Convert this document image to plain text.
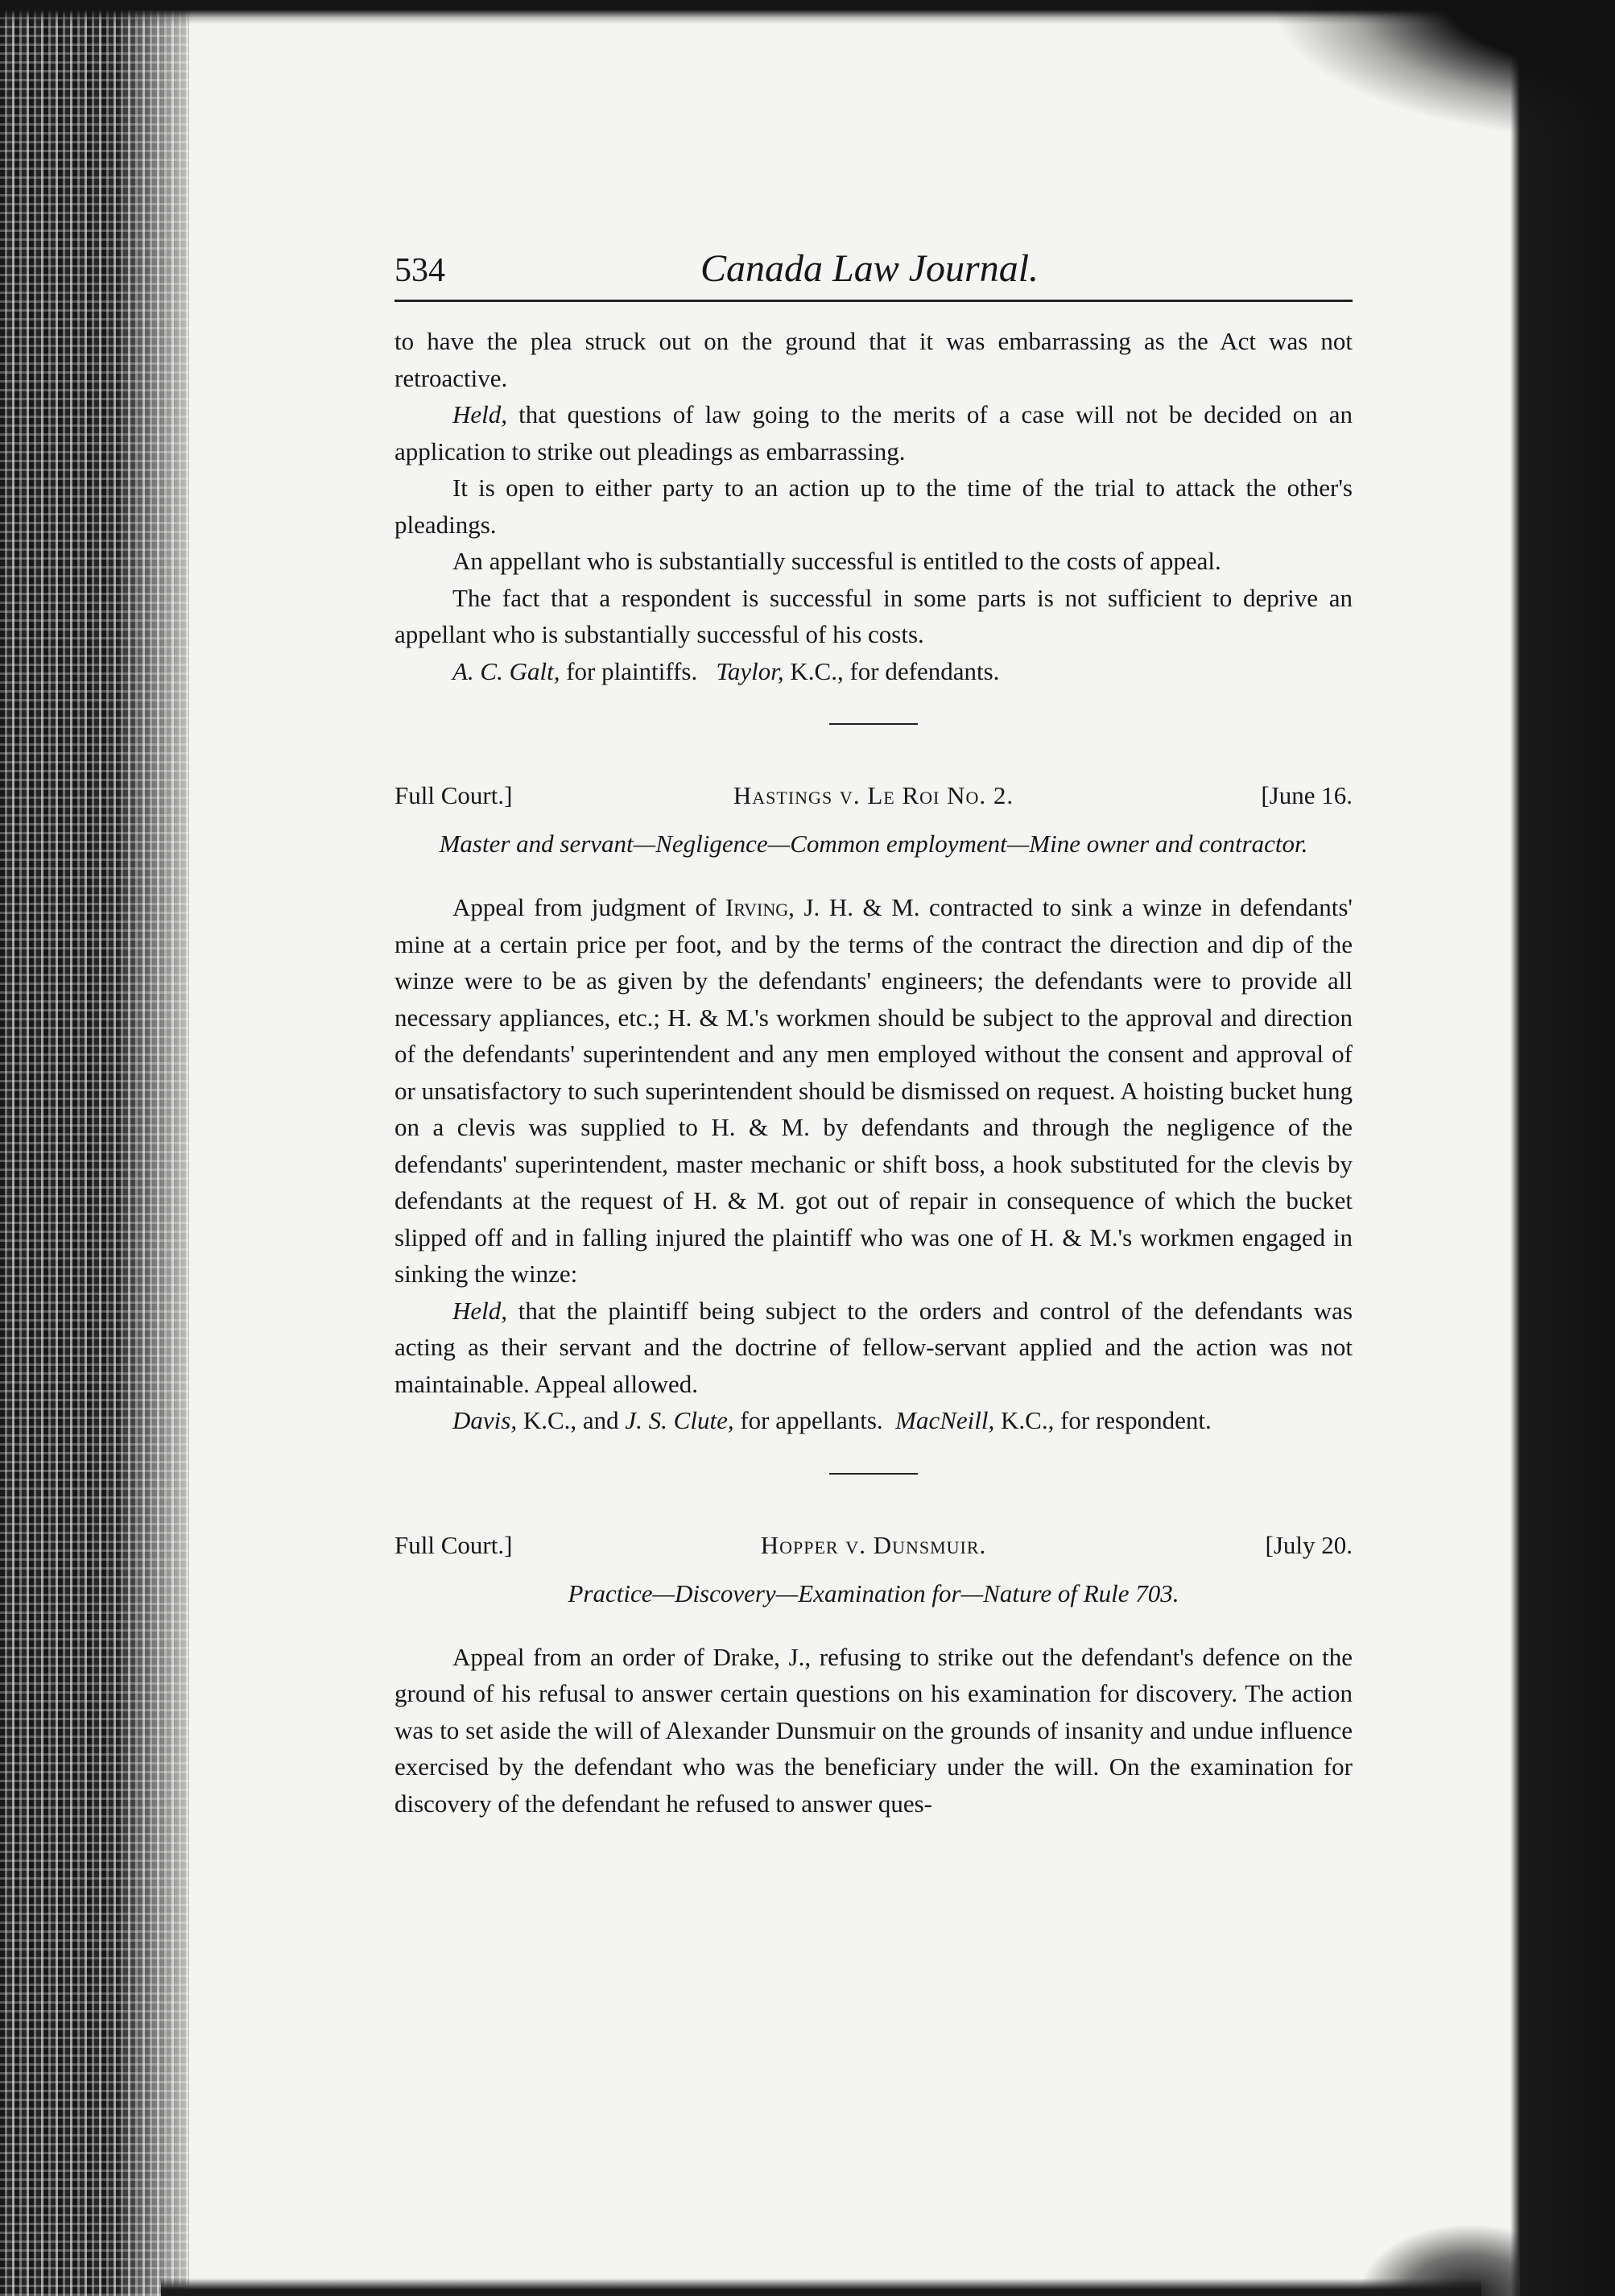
534	Canada Law Journal.

to have the plea struck out on the ground that it was embarrassing as the Act was not retroactive.

Held, that questions of law going to the merits of a case will not be decided on an application to strike out pleadings as embarrassing.

It is open to either party to an action up to the time of the trial to attack the other's pleadings.

An appellant who is substantially successful is entitled to the costs of appeal.

The fact that a respondent is successful in some parts is not sufficient to deprive an appellant who is substantially successful of his costs.

A. C. Galt, for plaintiffs. Taylor, K.C., for defendants.

Full Court.]	Hastings v. Le Roi No. 2.	[June 16.
Master and servant—Negligence—Common employment—Mine owner and contractor.

Appeal from judgment of Irving, J. H. & M. contracted to sink a winze in defendants' mine at a certain price per foot, and by the terms of the contract the direction and dip of the winze were to be as given by the defendants' engineers; the defendants were to provide all necessary appliances, etc.; H. & M.'s workmen should be subject to the approval and direction of the defendants' superintendent and any men employed without the consent and approval of or unsatisfactory to such superintendent should be dismissed on request. A hoisting bucket hung on a clevis was supplied to H. & M. by defendants and through the negligence of the defendants' superintendent, master mechanic or shift boss, a hook substituted for the clevis by defendants at the request of H. & M. got out of repair in consequence of which the bucket slipped off and in falling injured the plaintiff who was one of H. & M.'s workmen engaged in sinking the winze:

Held, that the plaintiff being subject to the orders and control of the defendants was acting as their servant and the doctrine of fellow-servant applied and the action was not maintainable. Appeal allowed.

Davis, K.C., and J. S. Clute, for appellants. MacNeill, K.C., for respondent.

Full Court.]	Hopper v. Dunsmuir.	[July 20.
Practice—Discovery—Examination for—Nature of Rule 703.

Appeal from an order of Drake, J., refusing to strike out the defendant's defence on the ground of his refusal to answer certain questions on his examination for discovery. The action was to set aside the will of Alexander Dunsmuir on the grounds of insanity and undue influence exercised by the defendant who was the beneficiary under the will. On the examination for discovery of the defendant he refused to answer ques-
